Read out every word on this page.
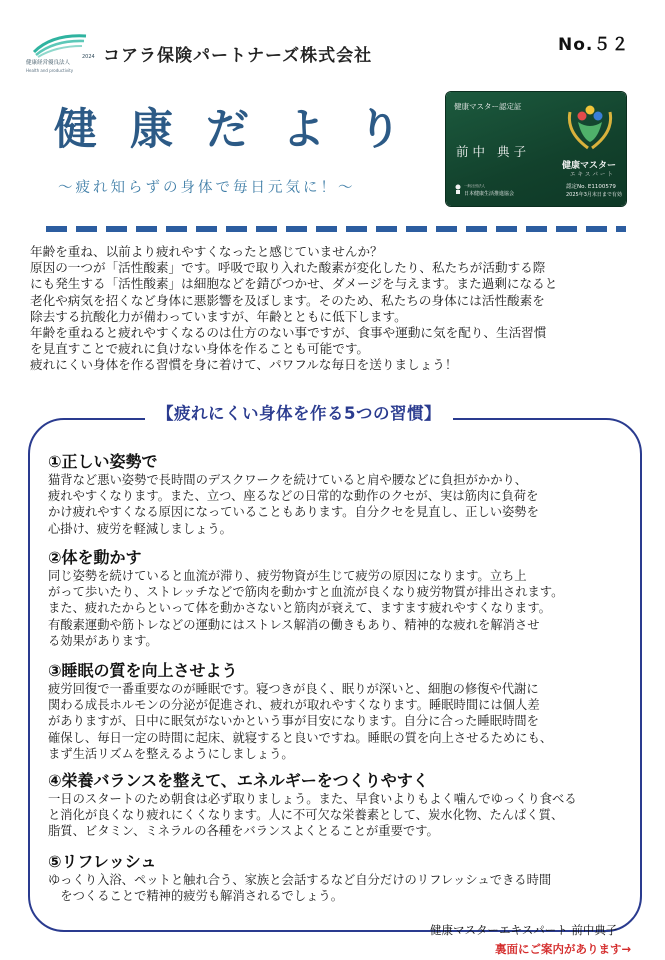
2024
健康経営優良法人
Health and productivity
コアラ保険パートナーズ株式会社
No.５２
健康だより
～疲れ知らずの身体で毎日元気に！～
健康マスター認定証
前中 典子
健康マスター
エキスパート
認定No. E1100579
2025年3月末日まで有効
一般社団法人
日本健康生活推進協会

年齢を重ね、以前より疲れやすくなったと感じていませんか？

原因の一つが「活性酸素」です。呼吸で取り入れた酸素が変化したり、私たちが活動する際

にも発生する「活性酸素」は細胞などを錆びつかせ、ダメージを与えます。また過剰になると

老化や病気を招くなど身体に悪影響を及ぼします。そのため、私たちの身体には活性酸素を

除去する抗酸化力が備わっていますが、年齢とともに低下します。

年齢を重ねると疲れやすくなるのは仕方のない事ですが、食事や運動に気を配り、生活習慣

を見直すことで疲れに負けない身体を作ることも可能です。

疲れにくい身体を作る習慣を身に着けて、パワフルな毎日を送りましょう！

【疲れにくい身体を作る5つの習慣】
①正しい姿勢で

猫背など悪い姿勢で長時間のデスクワークを続けていると肩や腰などに負担がかかり、

疲れやすくなります。また、立つ、座るなどの日常的な動作のクセが、実は筋肉に負荷を

かけ疲れやすくなる原因になっていることもあります。自分クセを見直し、正しい姿勢を

心掛け、疲労を軽減しましょう。

②体を動かす

同じ姿勢を続けていると血流が滞り、疲労物資が生じて疲労の原因になります。立ち上

がって歩いたり、ストレッチなどで筋肉を動かすと血流が良くなり疲労物質が排出されます。

また、疲れたからといって体を動かさないと筋肉が衰えて、ますます疲れやすくなります。

有酸素運動や筋トレなどの運動にはストレス解消の働きもあり、精神的な疲れを解消させ

る効果があります。

③睡眠の質を向上させよう

疲労回復で一番重要なのが睡眠です。寝つきが良く、眠りが深いと、細胞の修復や代謝に

関わる成長ホルモンの分泌が促進され、疲れが取れやすくなります。睡眠時間には個人差

がありますが、日中に眠気がないかという事が目安になります。自分に合った睡眠時間を

確保し、毎日一定の時間に起床、就寝すると良いですね。睡眠の質を向上させるためにも、

まず生活リズムを整えるようにしましょう。

④栄養バランスを整えて、エネルギーをつくりやすく

一日のスタートのため朝食は必ず取りましょう。また、早食いよりもよく噛んでゆっくり食べる

と消化が良くなり疲れにくくなります。人に不可欠な栄養素として、炭水化物、たんぱく質、

脂質、ビタミン、ミネラルの各種をバランスよくとることが重要です。

⑤リフレッシュ

ゆっくり入浴、ペットと触れ合う、家族と会話するなど自分だけのリフレッシュできる時間

　をつくることで精神的疲労も解消されるでしょう。

健康マスターエキスパート 前中典子
裏面にご案内があります→
